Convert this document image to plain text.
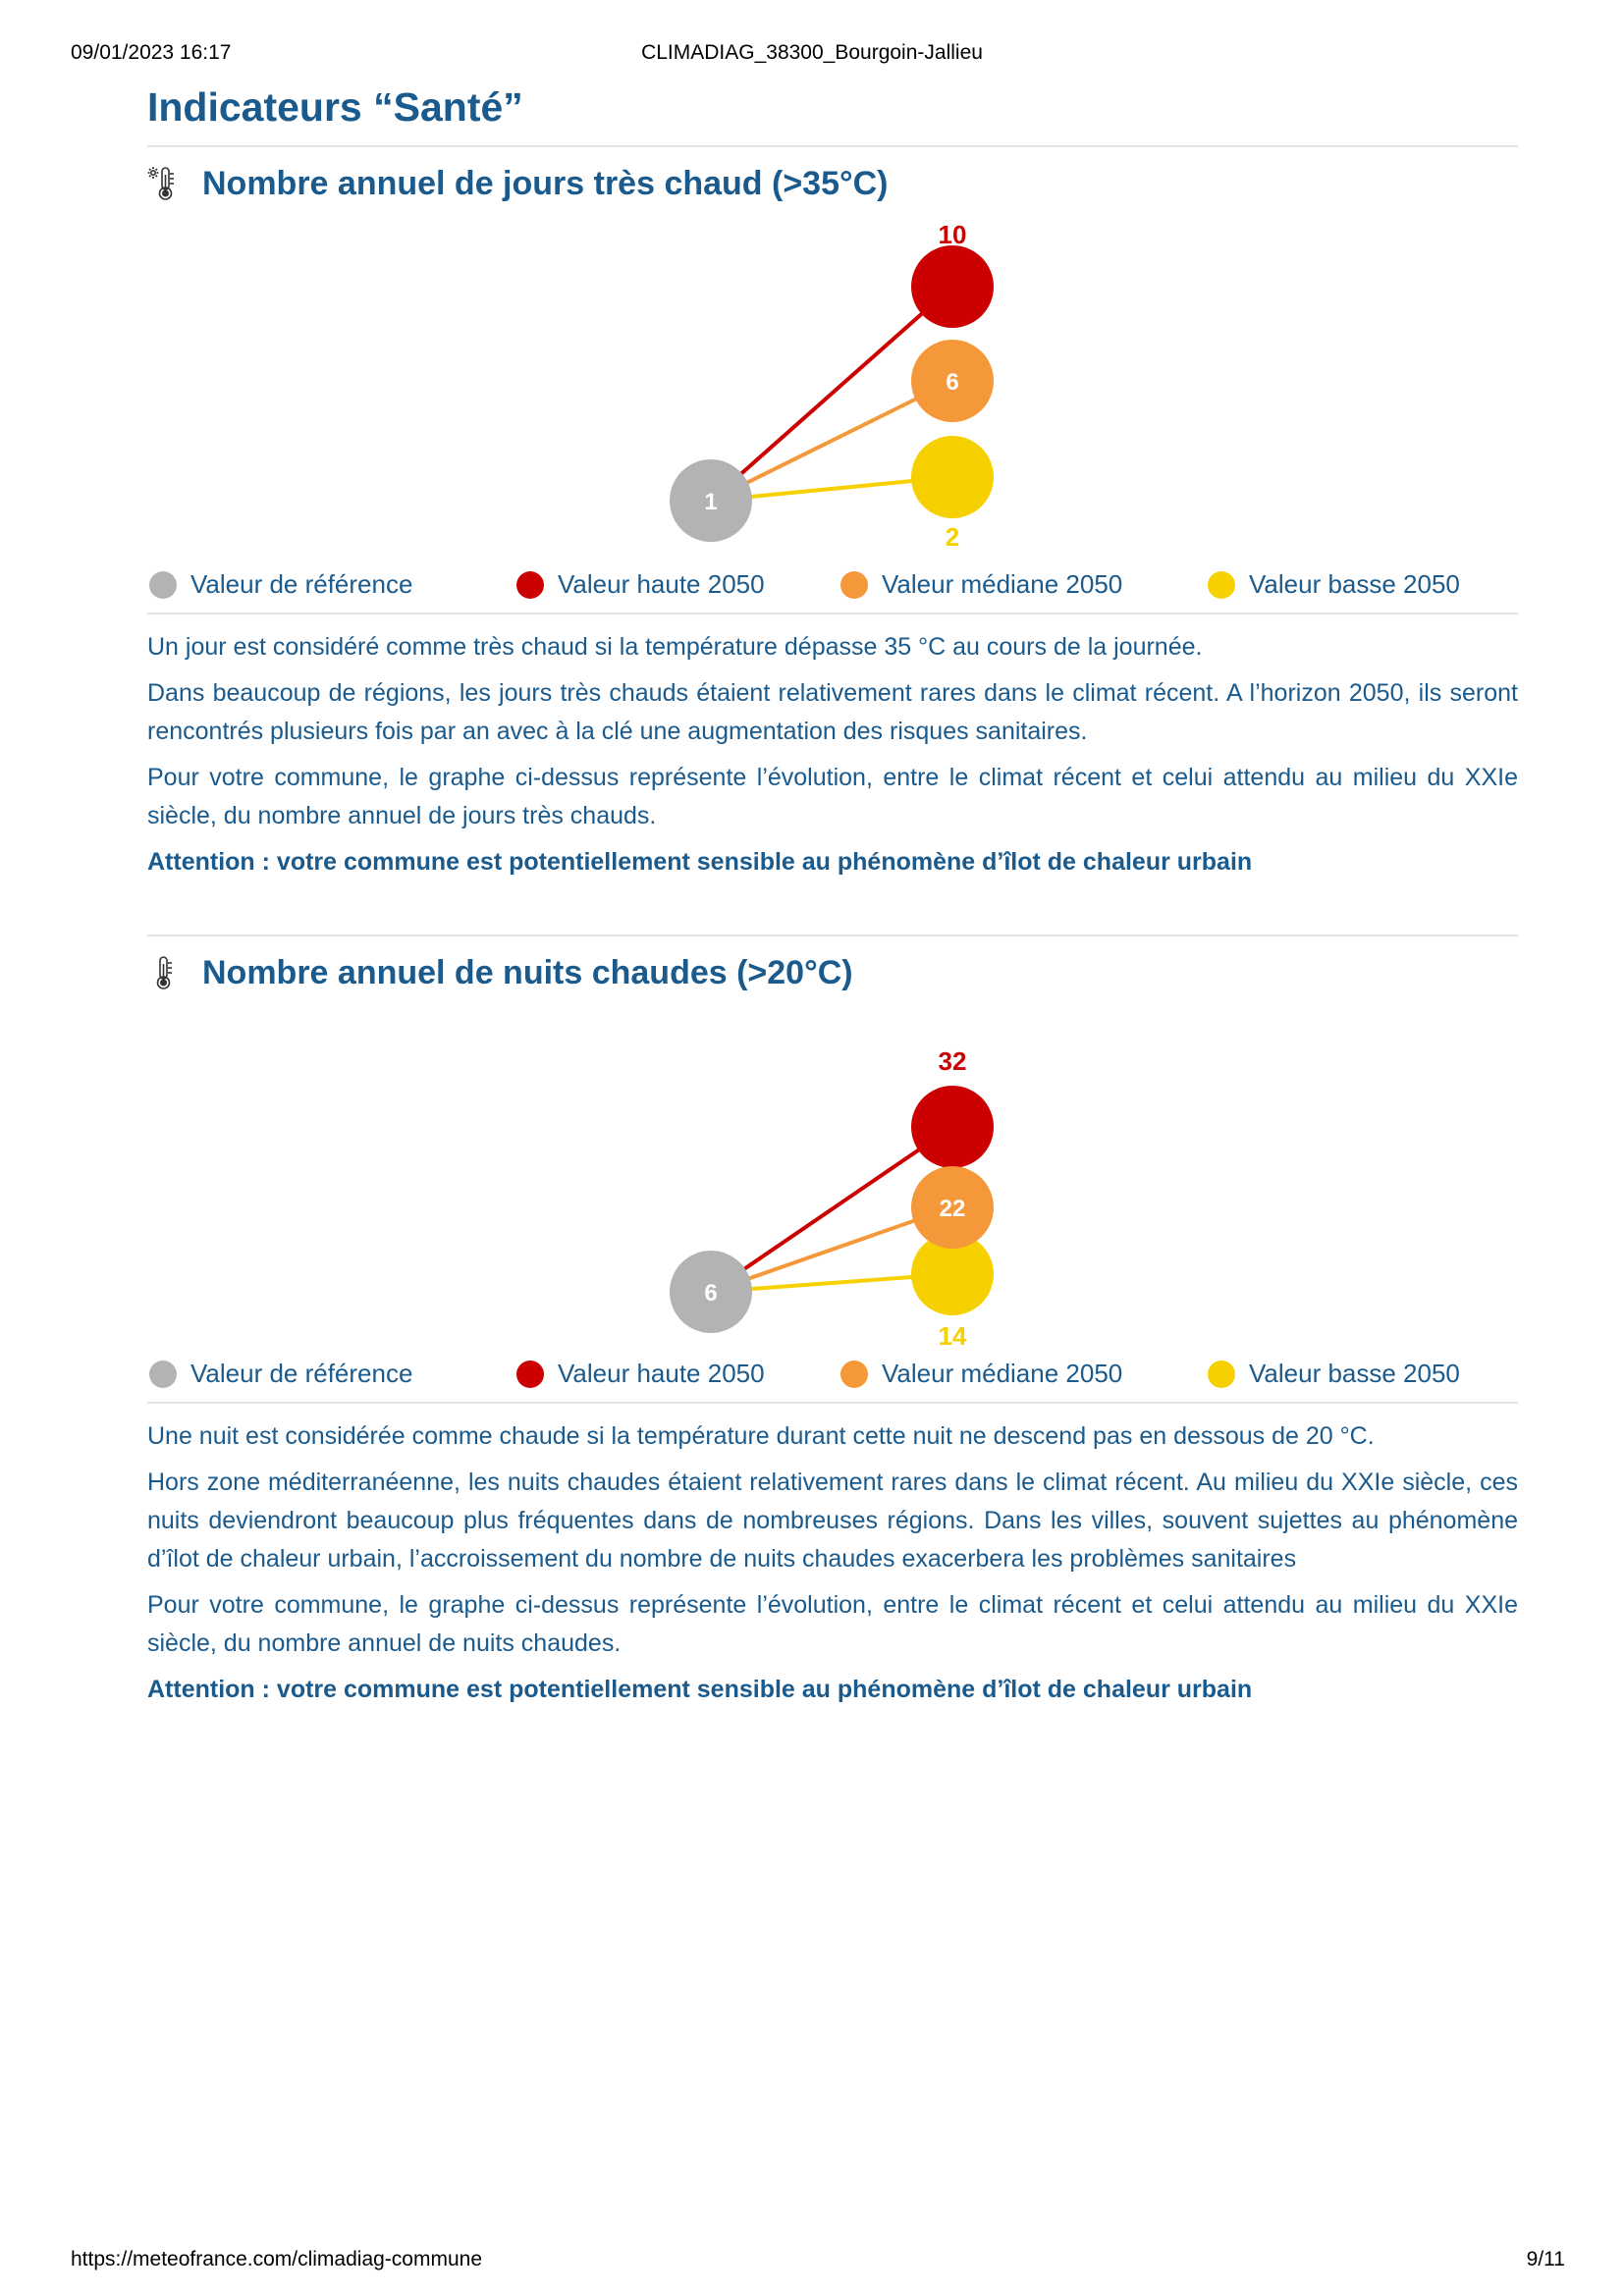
09/01/2023 16:17	CLIMADIAG_38300_Bourgoin-Jallieu
Indicateurs “Santé”
Nombre annuel de jours très chaud (>35°C)
10
6
2
1
Valeur de référence	Valeur haute 2050	Valeur médiane 2050	Valeur basse 2050

Un jour est considéré comme très chaud si la température dépasse 35 °C au cours de la journée.

Dans beaucoup de régions, les jours très chauds étaient relativement rares dans le climat récent. A l’horizon 2050, ils seront rencontrés plusieurs fois par an avec à la clé une augmentation des risques sanitaires.

Pour votre commune, le graphe ci-dessus représente l’évolution, entre le climat récent et celui attendu au milieu du XXIe siècle, du nombre annuel de jours très chauds.

Attention : votre commune est potentiellement sensible au phénomène d’îlot de chaleur urbain
Nombre annuel de nuits chaudes (>20°C)
32
22
14
6
Valeur de référence	Valeur haute 2050	Valeur médiane 2050	Valeur basse 2050

Une nuit est considérée comme chaude si la température durant cette nuit ne descend pas en dessous de 20 °C.

Hors zone méditerranéenne, les nuits chaudes étaient relativement rares dans le climat récent. Au milieu du XXIe siècle, ces nuits deviendront beaucoup plus fréquentes dans de nombreuses régions. Dans les villes, souvent sujettes au phénomène d’îlot de chaleur urbain, l’accroissement du nombre de nuits chaudes exacerbera les problèmes sanitaires

Pour votre commune, le graphe ci-dessus représente l’évolution, entre le climat récent et celui attendu au milieu du XXIe siècle, du nombre annuel de nuits chaudes.

Attention : votre commune est potentiellement sensible au phénomène d’îlot de chaleur urbain
https://meteofrance.com/climadiag-commune	9/11
